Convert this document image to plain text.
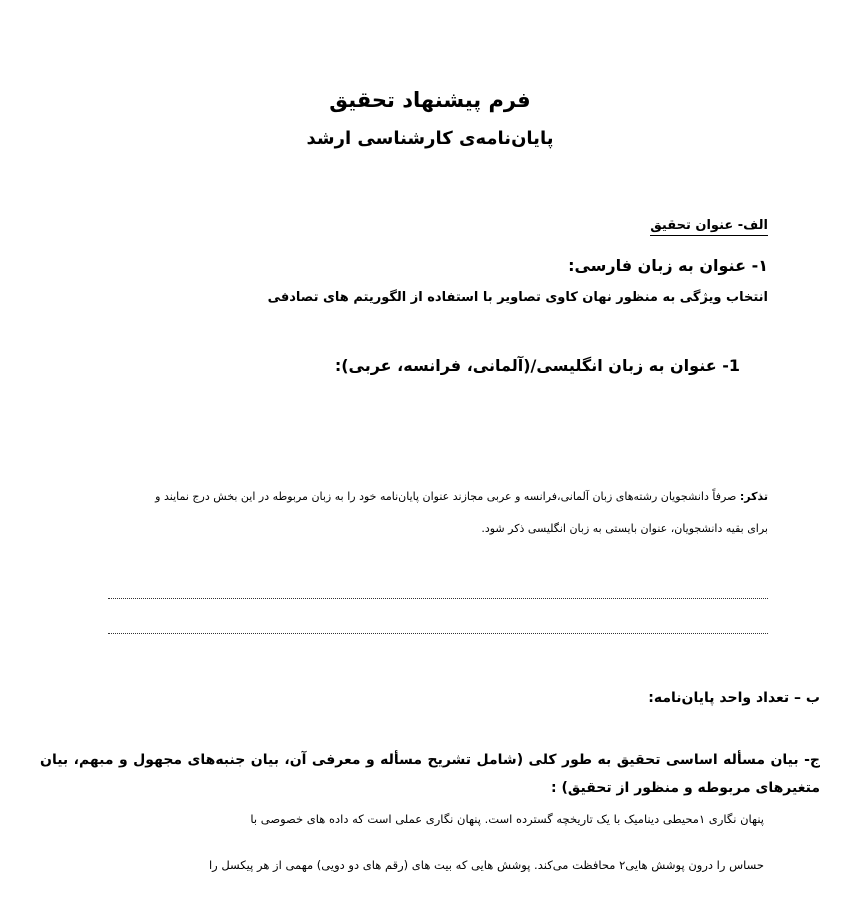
فرم پیشنهاد تحقیق
پایان‌نامه‌ی کارشناسی ارشد
الف- عنوان تحقیق
۱- عنوان به زبان فارسی:
انتخاب ویژگی به منظور نهان کاوی تصاویر با استفاده از الگوریتم های تصادفی
1- عنوان به زبان انگلیسی/(آلمانی، فرانسه، عربی):
تذکر: صرفاً دانشجویان رشته‌های زبان آلمانی،فرانسه و عربی مجازند عنوان پایان‌نامه خود را به زبان مربوطه در این بخش درج نمایند و
برای بقیه دانشجویان، عنوان بایستی به زبان انگلیسی ذکر شود.
ب – تعداد واحد پایان‌نامه:
ج- بیان مسأله اساسی تحقیق به طور کلی (شامل تشریح مسأله و معرفی آن، بیان جنبه‌های مجهول و مبهم، بیان متغیرهای مربوطه و منظور از تحقیق) :
پنهان نگاری ۱محیطی دینامیک با یک تاریخچه گسترده است. پنهان نگاری عملی است که داده های خصوصی با
حساس را درون پوشش هایی۲ محافظت می‌کند. پوشش هایی که بیت های (رقم های دو دویی) مهمی از هر پیکسل را
